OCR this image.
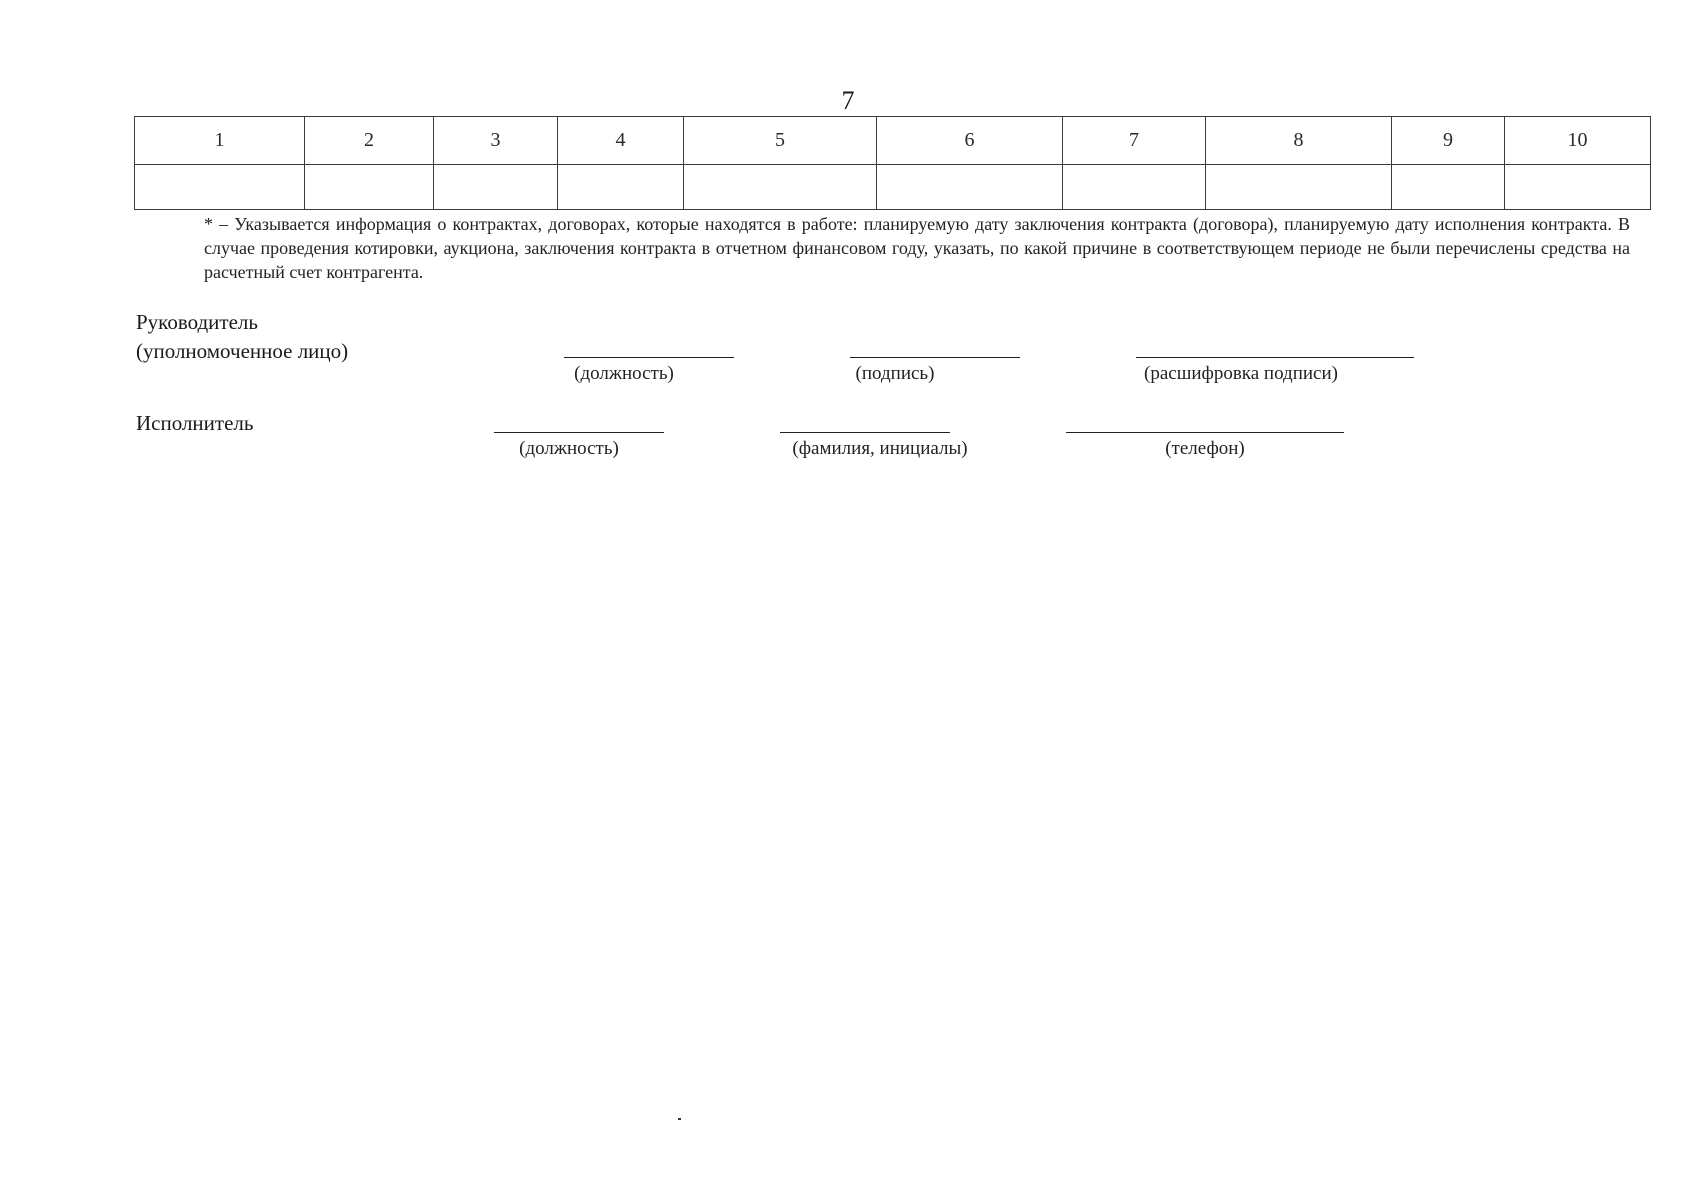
7
1	2	3	4	5	6	7	8	9	10

* – Указывается информация о контрактах, договорах, которые находятся в работе: планируемую дату заключения контракта (договора), планируемую дату исполнения контракта. В случае проведения котировки, аукциона, заключения контракта в отчетном финансовом году, указать, по какой причине в соответствующем периоде не были перечислены средства на расчетный счет контрагента.
Руководитель
(уполномоченное лицо)
(должность)	(подпись)	(расшифровка подписи)
Исполнитель
(должность)	(фамилия, инициалы)	(телефон)
